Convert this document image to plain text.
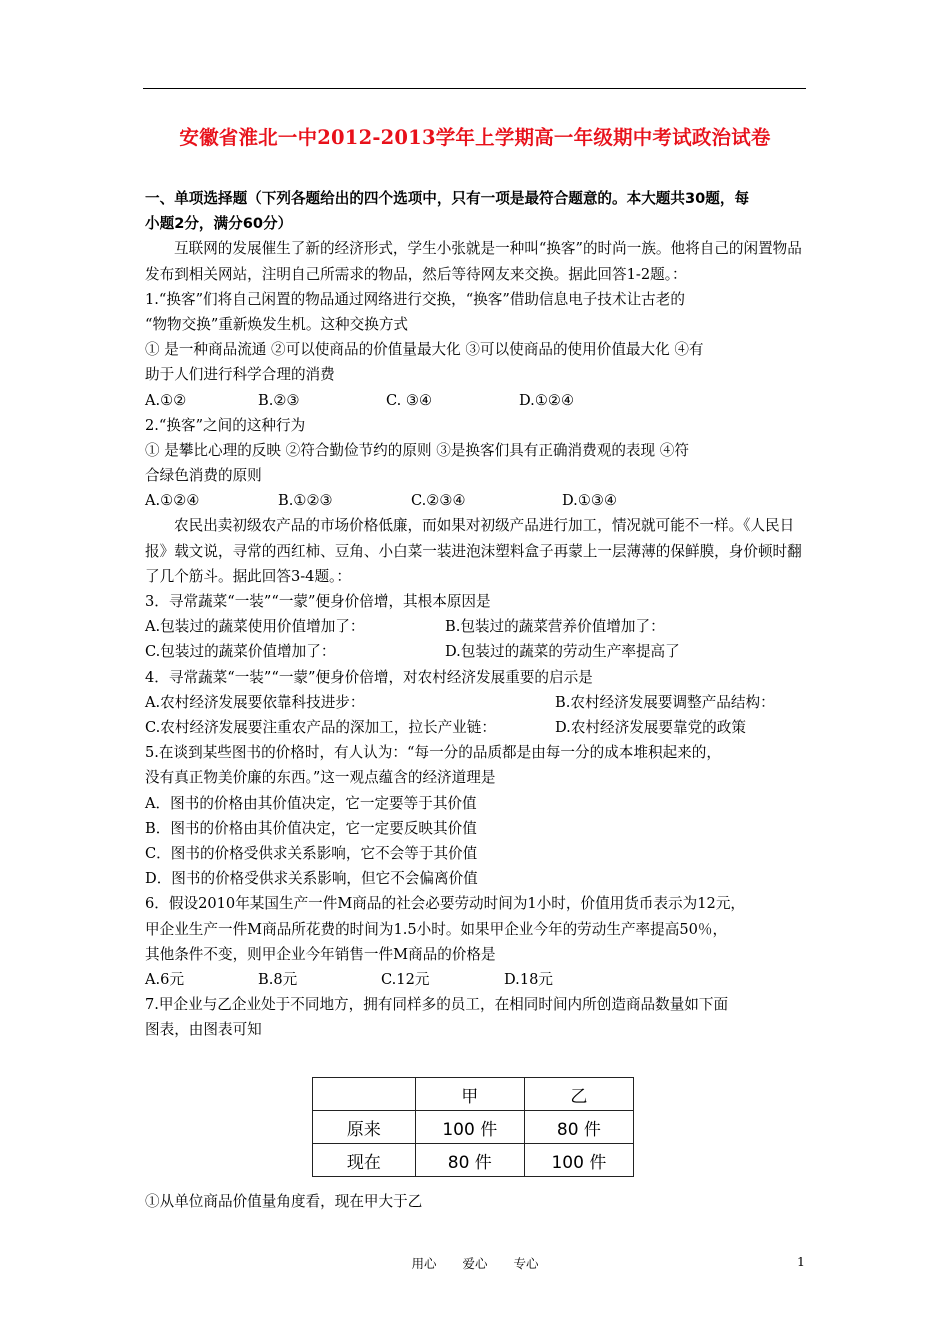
安徽省淮北一中2012-2013学年上学期高一年级期中考试政治试卷
一、单项选择题（下列各题给出的四个选项中，只有一项是最符合题意的。本大题共30题，每
小题2分，满分60分）
互联网的发展催生了新的经济形式，学生小张就是一种叫“换客”的时尚一族。他将自己的闲置物品发布到相关网站，注明自己所需求的物品，然后等待网友来交换。据此回答1-2题。：
1.“换客”们将自己闲置的物品通过网络进行交换，“换客”借助信息电子技术让古老的
“物物交换”重新焕发生机。这种交换方式
① 是一种商品流通 ②可以使商品的价值量最大化 ③可以使商品的使用价值最大化 ④有
助于人们进行科学合理的消费
A.①②	B.②③	C. ③④	D.①②④
2.“换客”之间的这种行为
① 是攀比心理的反映 ②符合勤俭节约的原则 ③是换客们具有正确消费观的表现 ④符
合绿色消费的原则
A.①②④	B.①②③	C.②③④	D.①③④
农民出卖初级农产品的市场价格低廉，而如果对初级产品进行加工，情况就可能不一样。《人民日报》载文说，寻常的西红柿、豆角、小白菜一装进泡沫塑料盒子再蒙上一层薄薄的保鲜膜，身价顿时翻了几个筋斗。据此回答3-4题。：
3．寻常蔬菜“一装”“一蒙”便身价倍增，其根本原因是
A.包装过的蔬菜使用价值增加了：	B.包装过的蔬菜营养价值增加了：
C.包装过的蔬菜价值增加了：	D.包装过的蔬菜的劳动生产率提高了
4．寻常蔬菜“一装”“一蒙”便身价倍增，对农村经济发展重要的启示是
A.农村经济发展要依靠科技进步：	B.农村经济发展要调整产品结构：
C.农村经济发展要注重农产品的深加工，拉长产业链：	D.农村经济发展要靠党的政策
5.在谈到某些图书的价格时，有人认为：“每一分的品质都是由每一分的成本堆积起来的，
没有真正物美价廉的东西。”这一观点蕴含的经济道理是
A．图书的价格由其价值决定，它一定要等于其价值
B．图书的价格由其价值决定，它一定要反映其价值
C．图书的价格受供求关系影响，它不会等于其价值
D．图书的价格受供求关系影响，但它不会偏离价值
6．假设2010年某国生产一件M商品的社会必要劳动时间为1小时，价值用货币表示为12元，
甲企业生产一件M商品所花费的时间为1.5小时。如果甲企业今年的劳动生产率提高50％，
其他条件不变，则甲企业今年销售一件M商品的价格是
A.6元	B.8元	C.12元	D.18元
7.甲企业与乙企业处于不同地方，拥有同样多的员工，在相同时间内所创造商品数量如下面
图表，由图表可知
	甲	乙
原来	100 件	80 件
现在	80 件	100 件
①从单位商品价值量角度看，现在甲大于乙
用心 爱心 专心	1
